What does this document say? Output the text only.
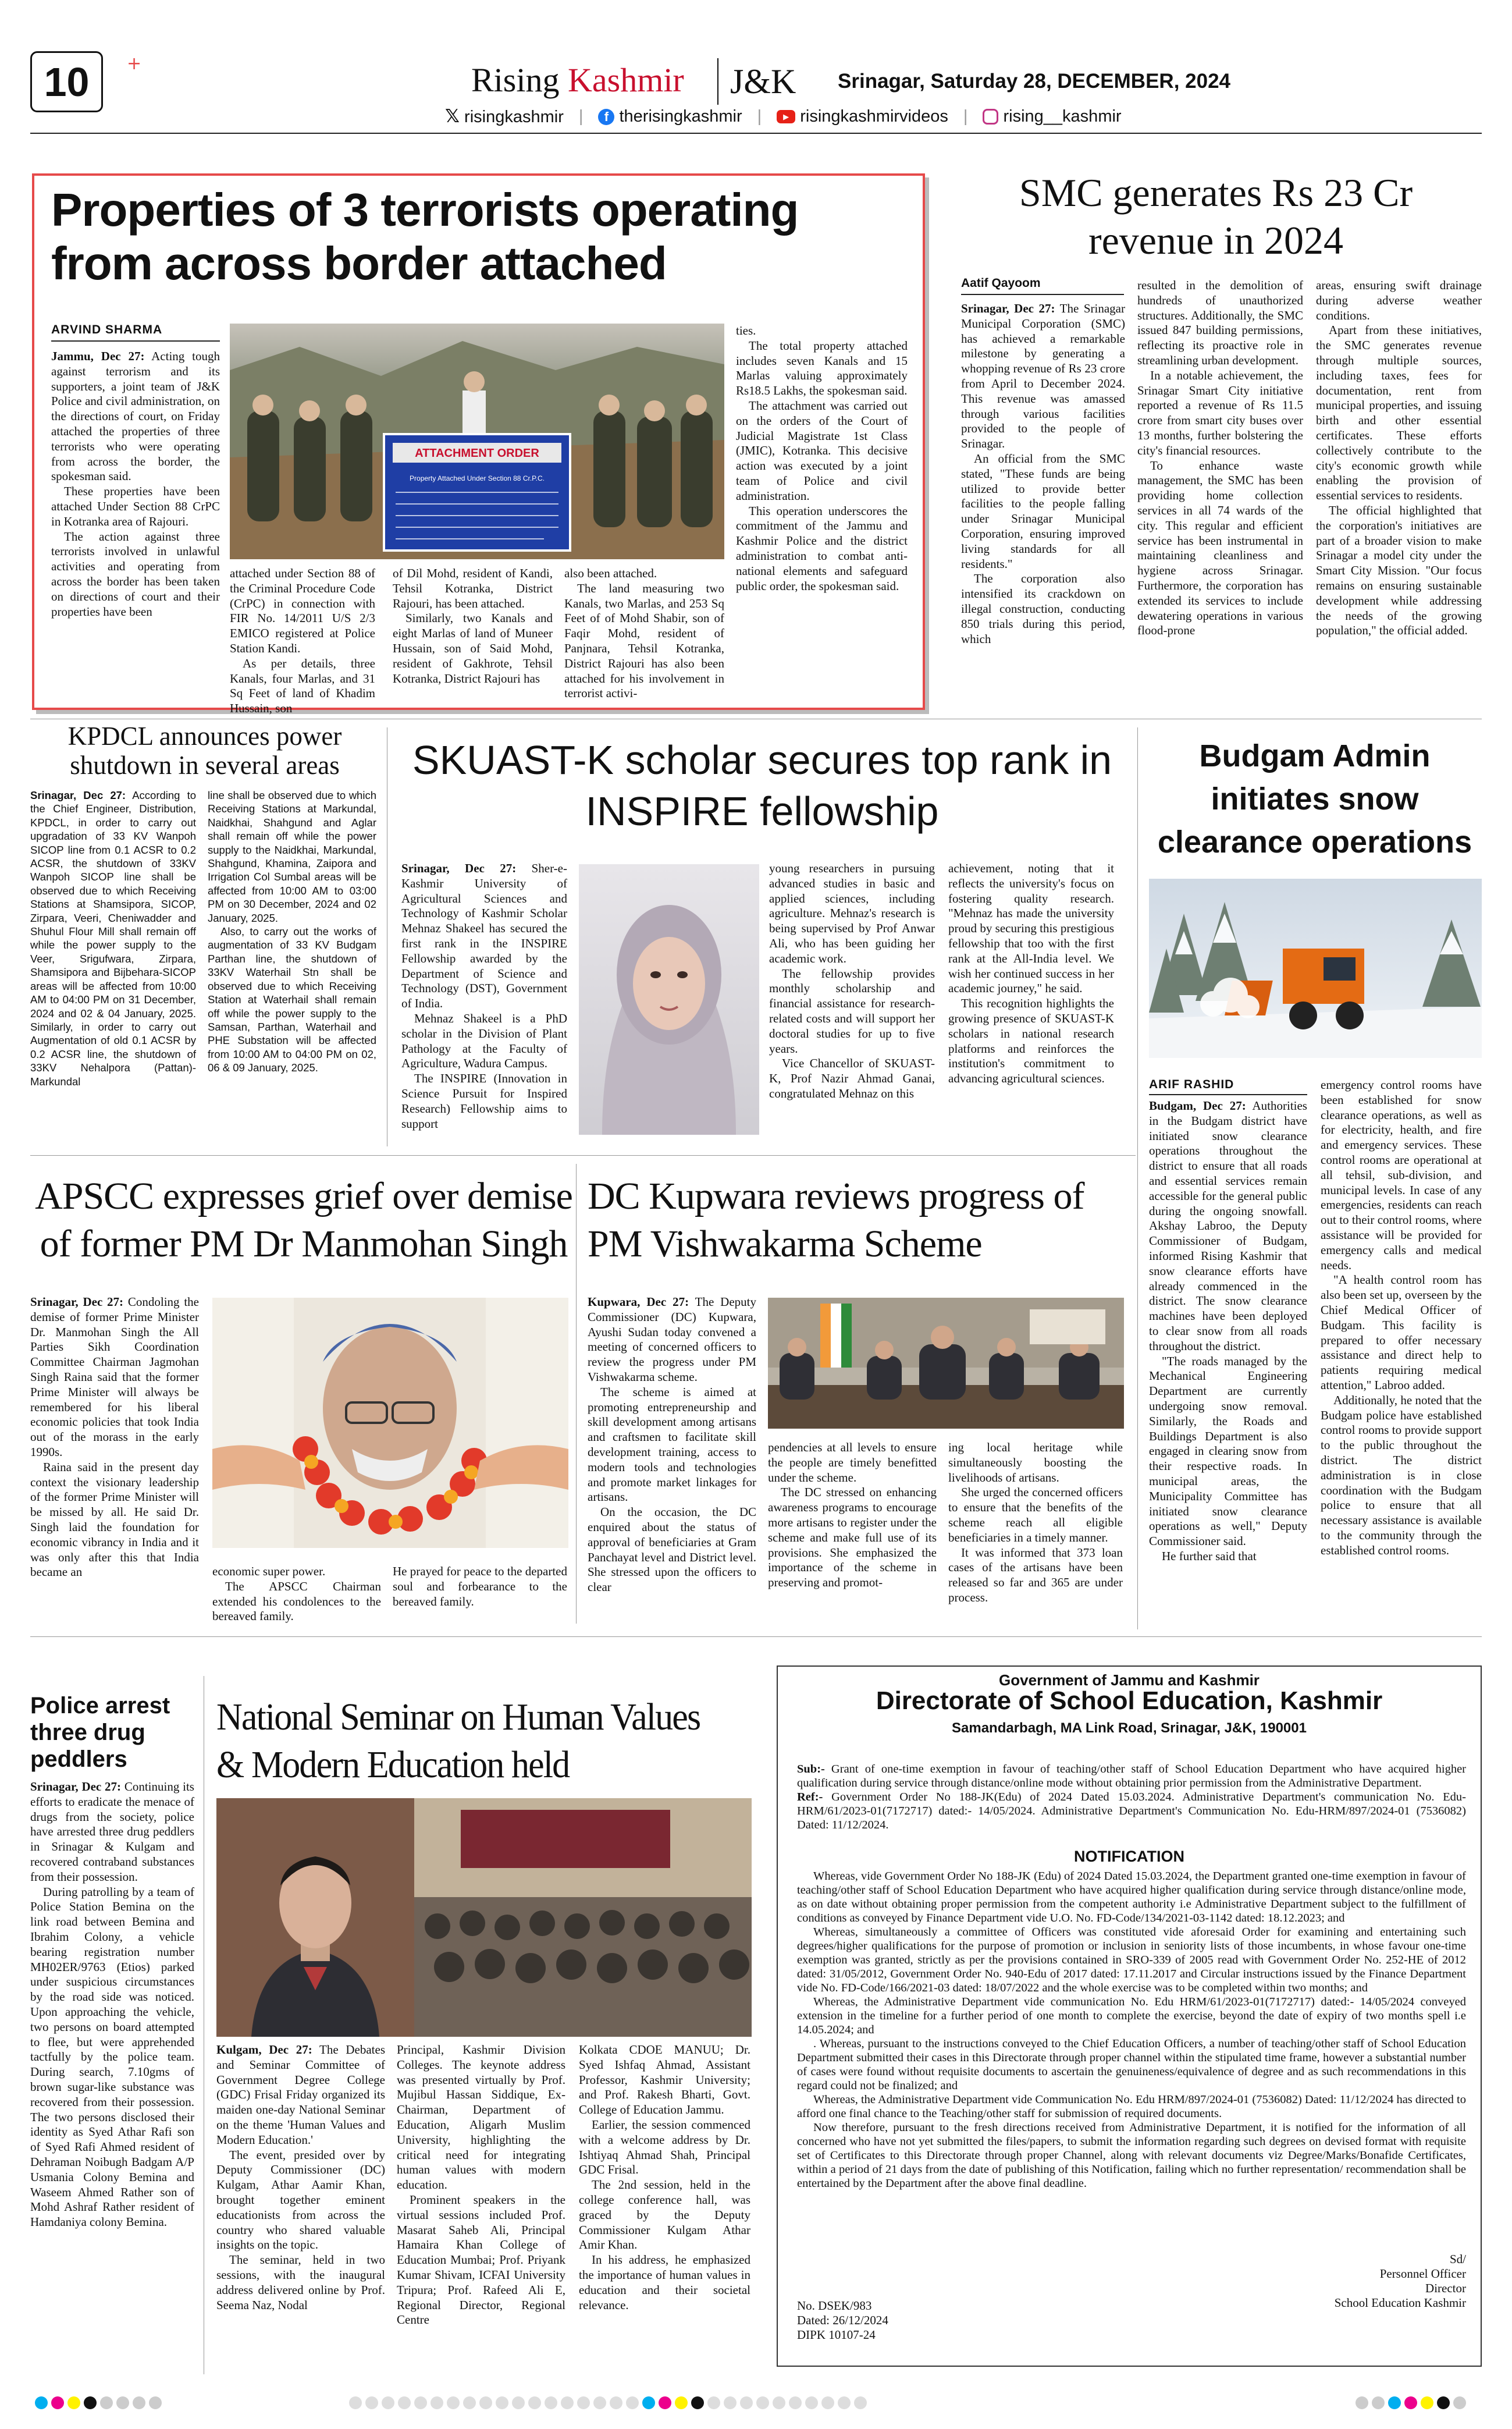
10 +	Rising Kashmir J&K Srinagar, Saturday 28, DECEMBER, 2024
𝕏 risingkashmir |	f therisingkashmir |	▶ risingkashmirvideos |	rising__kashmir
Properties of 3 terrorists operating from across border attached
ARVIND SHARMA

Jammu, Dec 27: Acting tough against terrorism and its supporters, a joint team of J&K Police and civil administration, on the directions of court, on Friday attached the properties of three terrorists who were operating from across the border, the spokesman said.

These properties have been attached Under Section 88 CrPC in Kotranka area of Rajouri.

The action against three terrorists involved in unlawful activities and operating from across the border has been taken on directions of court and their properties have been

ATTACHMENT ORDER
Property Attached Under Section 88 Cr.P.C.

attached under Section 88 of the Criminal Procedure Code (CrPC) in connection with FIR No. 14/2011 U/S 2/3 EMICO registered at Police Station Kandi.

As per details, three Kanals, four Marlas, and 31 Sq Feet of land of Khadim Hussain, son

of Dil Mohd, resident of Kandi, Tehsil Kotranka, District Rajouri, has been attached.

Similarly, two Kanals and eight Marlas of land of Muneer Hussain, son of Said Mohd, resident of Gakhrote, Tehsil Kotranka, District Rajouri has

also been attached.

The land measuring two Kanals, two Marlas, and 253 Sq Feet of of Mohd Shabir, son of Faqir Mohd, resident of Panjnara, Tehsil Kotranka, District Rajouri has also been attached for his involvement in terrorist activi-

ties.

The total property attached includes seven Kanals and 15 Marlas valuing approximately Rs18.5 Lakhs, the spokesman said.

The attachment was carried out on the orders of the Court of Judicial Magistrate 1st Class (JMIC), Kotranka. This decisive action was executed by a joint team of Police and civil administration.

This operation underscores the commitment of the Jammu and Kashmir Police and the district administration to combat anti-national elements and safeguard public order, the spokesman said.

SMC generates Rs 23 Cr revenue in 2024
Aatif Qayoom

Srinagar, Dec 27: The Srinagar Municipal Corporation (SMC) has achieved a remarkable milestone by generating a whopping revenue of Rs 23 crore from April to December 2024. This revenue was amassed through various facilities provided to the people of Srinagar.

An official from the SMC stated, "These funds are being utilized to provide better facilities to the people falling under Srinagar Municipal Corporation, ensuring improved living standards for all residents."

The corporation also intensified its crackdown on illegal construction, conducting 850 trials during this period, which

resulted in the demolition of hundreds of unauthorized structures. Additionally, the SMC issued 847 building permissions, reflecting its proactive role in streamlining urban development.

In a notable achievement, the Srinagar Smart City initiative reported a revenue of Rs 11.5 crore from smart city buses over 13 months, further bolstering the city's financial resources.

To enhance waste management, the SMC has been providing home collection services in all 74 wards of the city. This regular and efficient service has been instrumental in maintaining cleanliness and hygiene across Srinagar. Furthermore, the corporation has extended its services to include dewatering operations in various flood-prone

areas, ensuring swift drainage during adverse weather conditions.

Apart from these initiatives, the SMC generates revenue through multiple sources, including taxes, fees for documentation, rent from municipal properties, and issuing birth and other essential certificates. These efforts collectively contribute to the city's economic growth while enabling the provision of essential services to residents.

The official highlighted that the corporation's initiatives are part of a broader vision to make Srinagar a model city under the Smart City Mission. "Our focus remains on ensuring sustainable development while addressing the needs of the growing population," the official added.

KPDCL announces power shutdown in several areas

Srinagar, Dec 27: According to the Chief Engineer, Distribution, KPDCL, in order to carry out upgradation of 33 KV Wanpoh SICOP line from 0.1 ACSR to 0.2 ACSR, the shutdown of 33KV Wanpoh SICOP line shall be observed due to which Receiving Stations at Shamsipora, SICOP, Zirpara, Veeri, Cheniwadder and Shuhul Flour Mill shall remain off while the power supply to the Veer, Srigufwara, Zirpara, Shamsipora and Bijbehara-SICOP areas will be affected from 10:00 AM to 04:00 PM on 31 December, 2024 and 02 & 04 January, 2025. Similarly, in order to carry out Augmentation of old 0.1 ACSR by 0.2 ACSR line, the shutdown of 33KV Nehalpora (Pattan)-Markundal

line shall be observed due to which Receiving Stations at Markundal, Naidkhai, Shahgund and Aglar shall remain off while the power supply to the Naidkhai, Markundal, Shahgund, Khamina, Zaipora and Irrigation Col Sumbal areas will be affected from 10:00 AM to 03:00 PM on 30 December, 2024 and 02 January, 2025.

Also, to carry out the works of augmentation of 33 KV Budgam Parthan line, the shutdown of 33KV Waterhail Stn shall be observed due to which Receiving Station at Waterhail shall remain off while the power supply to the Samsan, Parthan, Waterhail and PHE Substation will be affected from 10:00 AM to 04:00 PM on 02, 06 & 09 January, 2025.

SKUAST-K scholar secures top rank in INSPIRE fellowship

Srinagar, Dec 27: Sher-e-Kashmir University of Agricultural Sciences and Technology of Kashmir Scholar Mehnaz Shakeel has secured the first rank in the INSPIRE Fellowship awarded by the Department of Science and Technology (DST), Government of India.

Mehnaz Shakeel is a PhD scholar in the Division of Plant Pathology at the Faculty of Agriculture, Wadura Campus.

The INSPIRE (Innovation in Science Pursuit for Inspired Research) Fellowship aims to support

young researchers in pursuing advanced studies in basic and applied sciences, including agriculture. Mehnaz's research is being supervised by Prof Anwar Ali, who has been guiding her academic work.

The fellowship provides monthly scholarship and financial assistance for research-related costs and will support her doctoral studies for up to five years.

Vice Chancellor of SKUAST-K, Prof Nazir Ahmad Ganai, congratulated Mehnaz on this

achievement, noting that it reflects the university's focus on fostering quality research. "Mehnaz has made the university proud by securing this prestigious fellowship that too with the first rank at the All-India level. We wish her continued success in her academic journey," he said.

This recognition highlights the growing presence of SKUAST-K scholars in national research platforms and reinforces the institution's commitment to advancing agricultural sciences.

Budgam Admin initiates snow clearance operations
ARIF RASHID

Budgam, Dec 27: Authorities in the Budgam district have initiated snow clearance operations throughout the district to ensure that all roads and essential services remain accessible for the general public during the ongoing snowfall. Akshay Labroo, the Deputy Commissioner of Budgam, informed Rising Kashmir that snow clearance efforts have already commenced in the district. The snow clearance machines have been deployed to clear snow from all roads throughout the district.

"The roads managed by the Mechanical Engineering Department are currently undergoing snow removal. Similarly, the Roads and Buildings Department is also engaged in clearing snow from their respective roads. In municipal areas, the Municipality Committee has initiated snow clearance operations as well," Deputy Commissioner said.

He further said that

emergency control rooms have been established for snow clearance operations, as well as for electricity, health, and fire and emergency services. These control rooms are operational at all tehsil, sub-division, and municipal levels. In case of any emergencies, residents can reach out to their control rooms, where assistance will be provided for emergency calls and medical needs.

"A health control room has also been set up, overseen by the Chief Medical Officer of Budgam. This facility is prepared to offer necessary assistance and direct help to patients requiring medical attention," Labroo added.

Additionally, he noted that the Budgam police have established control rooms to provide support to the public throughout the district. The district administration is in close coordination with the Budgam police to ensure that all necessary assistance is available to the community through the established control rooms.

APSCC expresses grief over demise of former PM Dr Manmohan Singh

Srinagar, Dec 27: Condoling the demise of former Prime Minister Dr. Manmohan Singh the All Parties Sikh Coordination Committee Chairman Jagmohan Singh Raina said that the former Prime Minister will always be remembered for his liberal economic policies that took India out of the morass in the early 1990s.

Raina said in the present day context the visionary leadership of the former Prime Minister will be missed by all. He said Dr. Singh laid the foundation for economic vibrancy in India and it was only after this that India became an	economic super power.

The APSCC Chairman extended his condolences to the bereaved family.

He prayed for peace to the departed soul and forbearance to the bereaved family.

DC Kupwara reviews progress of PM Vishwakarma Scheme

Kupwara, Dec 27: The Deputy Commissioner (DC) Kupwara, Ayushi Sudan today convened a meeting of concerned officers to review the progress under PM Vishwakarma scheme.

The scheme is aimed at promoting entrepreneurship and skill development among artisans and craftsmen to facilitate skill development training, access to modern tools and technologies and promote market linkages for artisans.

On the occasion, the DC enquired about the status of approval of beneficiaries at Gram Panchayat level and District level. She stressed upon the officers to clear

pendencies at all levels to ensure the people are timely benefitted under the scheme.

The DC stressed on enhancing awareness programs to encourage more artisans to register under the scheme and make full use of its provisions. She emphasized the importance of the scheme in preserving and promot-

ing local heritage while simultaneously boosting the livelihoods of artisans.

She urged the concerned officers to ensure that the benefits of the scheme reach all eligible beneficiaries in a timely manner.

It was informed that 373 loan cases of the artisans have been released so far and 365 are under process.

Police arrest three drug peddlers

Srinagar, Dec 27: Continuing its efforts to eradicate the menace of drugs from the society, police have arrested three drug peddlers in Srinagar & Kulgam and recovered contraband substances from their possession.

During patrolling by a team of Police Station Bemina on the link road between Bemina and Ibrahim Colony, a vehicle bearing registration number MH02ER/9763 (Etios) parked under suspicious circumstances by the road side was noticed. Upon approaching the vehicle, two persons on board attempted to flee, but were apprehended tactfully by the police team. During search, 7.10gms of brown sugar-like substance was recovered from their possession. The two persons disclosed their identity as Syed Athar Rafi son of Syed Rafi Ahmed resident of Dehraman Noibugh Badgam A/P Usmania Colony Bemina and Waseem Ahmed Rather son of Mohd Ashraf Rather resident of Hamdaniya colony Bemina.

National Seminar on Human Values & Modern Education held

Kulgam, Dec 27: The Debates and Seminar Committee of Government Degree College (GDC) Frisal Friday organized its maiden one-day National Seminar on the theme 'Human Values and Modern Education.'

The event, presided over by Deputy Commissioner (DC) Kulgam, Athar Aamir Khan, brought together eminent educationists from across the country who shared valuable insights on the topic.

The seminar, held in two sessions, with the inaugural address delivered online by Prof. Seema Naz, Nodal

Principal, Kashmir Division Colleges. The keynote address was presented virtually by Prof. Mujibul Hassan Siddique, Ex-Chairman, Department of Education, Aligarh Muslim University, highlighting the critical need for integrating human values with modern education.

Prominent speakers in the virtual sessions included Prof. Masarat Saheb Ali, Principal Hamaira Khan College of Education Mumbai; Prof. Priyank Kumar Shivam, ICFAI University Tripura; Prof. Rafeed Ali E, Regional Director, Regional Centre

Kolkata CDOE MANUU; Dr. Syed Ishfaq Ahmad, Assistant Professor, Kashmir University; and Prof. Rakesh Bharti, Govt. College of Education Jammu.

Earlier, the session commenced with a welcome address by Dr. Ishtiyaq Ahmad Shah, Principal GDC Frisal.

The 2nd session, held in the college conference hall, was graced by the Deputy Commissioner Kulgam Athar Amir Khan.

In his address, he emphasized the importance of human values in education and their societal relevance.

Government of Jammu and Kashmir
Directorate of School Education, Kashmir
Samandarbagh, MA Link Road, Srinagar, J&K, 190001

Sub:- Grant of one-time exemption in favour of teaching/other staff of School Education Department who have acquired higher qualification during service through distance/online mode without obtaining prior permission from the Administrative Department.

Ref:- Government Order No 188-JK(Edu) of 2024 Dated 15.03.2024. Administrative Department's communication No. Edu-HRM/61/2023-01(7172717) dated:- 14/05/2024. Administrative Department's Communication No. Edu-HRM/897/2024-01 (7536082) Dated: 11/12/2024.

NOTIFICATION

Whereas, vide Government Order No 188-JK (Edu) of 2024 Dated 15.03.2024, the Department granted one-time exemption in favour of teaching/other staff of School Education Department who have acquired higher qualification during service through distance/online mode, as on date without obtaining proper permission from the competent authority i.e Administrative Department subject to the fulfillment of conditions as conveyed by Finance Department vide U.O. No. FD-Code/134/2021-03-1142 dated: 18.12.2023; and

Whereas, simultaneously a committee of Officers was constituted vide aforesaid Order for examining and entertaining such degrees/higher qualifications for the purpose of promotion or inclusion in seniority lists of those incumbents, in whose favour one-time exemption was granted, strictly as per the provisions contained in SRO-339 of 2005 read with Government Order No. 252-HE of 2012 dated: 31/05/2012, Government Order No. 940-Edu of 2017 dated: 17.11.2017 and Circular instructions issued by the Finance Department vide No. FD-Code/166/2021-03 dated: 18/07/2022 and the whole exercise was to be completed within two months; and

Whereas, the Administrative Department vide communication No. Edu HRM/61/2023-01(7172717) dated:- 14/05/2024 conveyed extension in the timeline for a further period of one month to complete the exercise, beyond the date of expiry of two months spell i.e 14.05.2024; and

. Whereas, pursuant to the instructions conveyed to the Chief Education Officers, a number of teaching/other staff of School Education Department submitted their cases in this Directorate through proper channel within the stipulated time frame, however a substantial number of cases were found without requisite documents to ascertain the genuineness/equivalence of degree and as such recommendations in this regard could not be finalized; and

Whereas, the Administrative Department vide Communication No. Edu HRM/897/2024-01 (7536082) Dated: 11/12/2024 has directed to afford one final chance to the Teaching/other staff for submission of required documents.

Now therefore, pursuant to the fresh directions received from Administrative Department, it is notified for the information of all concerned who have not yet submitted the files/papers, to submit the information regarding such degrees on devised format with requisite set of Certificates to this Directorate through proper Channel, along with relevant documents viz Degree/Marks/Bonafide Certificates, within a period of 21 days from the date of publishing of this Notification, failing which no further representation/ recommendation shall be entertained by the Department after the above final deadline.

Sd/
Personnel Officer
Director
School Education Kashmir
No. DSEK/983
Dated: 26/12/2024
DIPK 10107-24
